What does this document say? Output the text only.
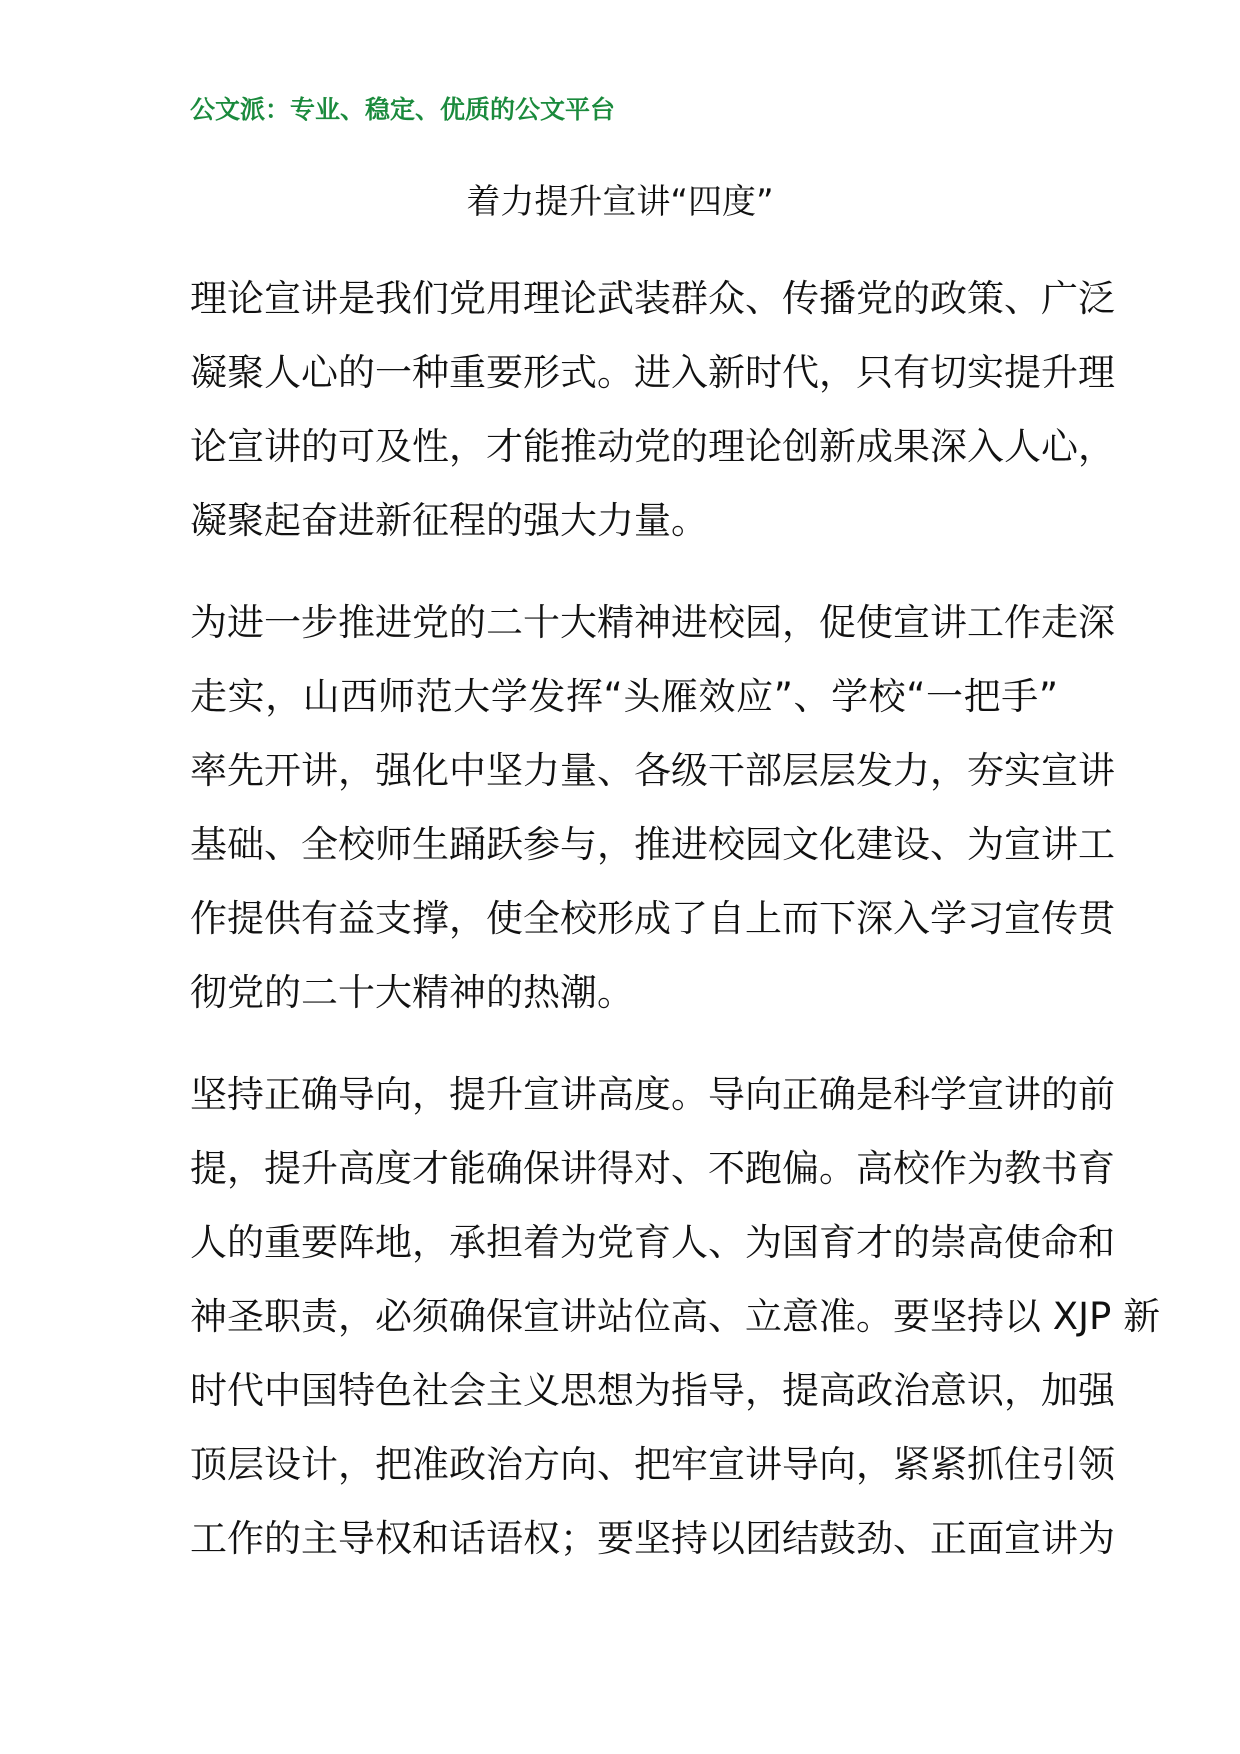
公文派：专业、稳定、优质的公文平台
着力提升宣讲“四度”
理论宣讲是我们党用理论武装群众、传播党的政策、广泛
凝聚人心的一种重要形式。进入新时代，只有切实提升理
论宣讲的可及性，才能推动党的理论创新成果深入人心，
凝聚起奋进新征程的强大力量。
为进一步推进党的二十大精神进校园，促使宣讲工作走深
走实，山西师范大学发挥“头雁效应”、学校“一把手”
率先开讲，强化中坚力量、各级干部层层发力，夯实宣讲
基础、全校师生踊跃参与，推进校园文化建设、为宣讲工
作提供有益支撑，使全校形成了自上而下深入学习宣传贯
彻党的二十大精神的热潮。
坚持正确导向，提升宣讲高度。导向正确是科学宣讲的前
提，提升高度才能确保讲得对、不跑偏。高校作为教书育
人的重要阵地，承担着为党育人、为国育才的崇高使命和
神圣职责，必须确保宣讲站位高、立意准。要坚持以 XJP 新
时代中国特色社会主义思想为指导，提高政治意识，加强
顶层设计，把准政治方向、把牢宣讲导向，紧紧抓住引领
工作的主导权和话语权；要坚持以团结鼓劲、正面宣讲为
